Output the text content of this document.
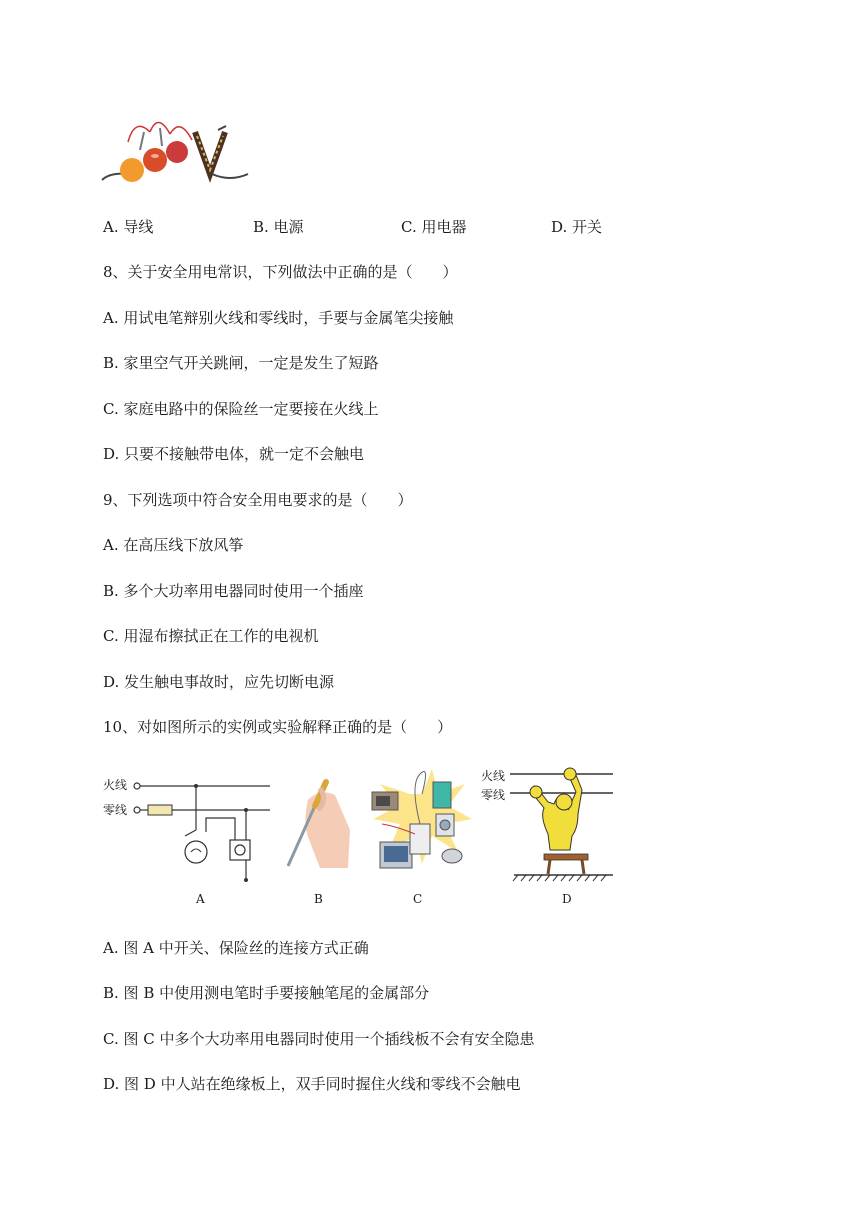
A. 导线	B. 电源	C. 用电器	D. 开关
8、关于安全用电常识，下列做法中正确的是（　　）
A. 用试电笔辩别火线和零线时，手要与金属笔尖接触
B. 家里空气开关跳闸，一定是发生了短路
C. 家庭电路中的保险丝一定要接在火线上
D. 只要不接触带电体，就一定不会触电
9、下列选项中符合安全用电要求的是（　　）
A. 在高压线下放风筝
B. 多个大功率用电器同时使用一个插座
C. 用湿布擦拭正在工作的电视机
D. 发生触电事故时，应先切断电源
10、对如图所示的实例或实验解释正确的是（　　）
火线
零线
火线
零线
A	B	C	D
A. 图 A 中开关、保险丝的连接方式正确
B. 图 B 中使用测电笔时手要接触笔尾的金属部分
C. 图 C 中多个大功率用电器同时使用一个插线板不会有安全隐患
D. 图 D 中人站在绝缘板上，双手同时握住火线和零线不会触电
